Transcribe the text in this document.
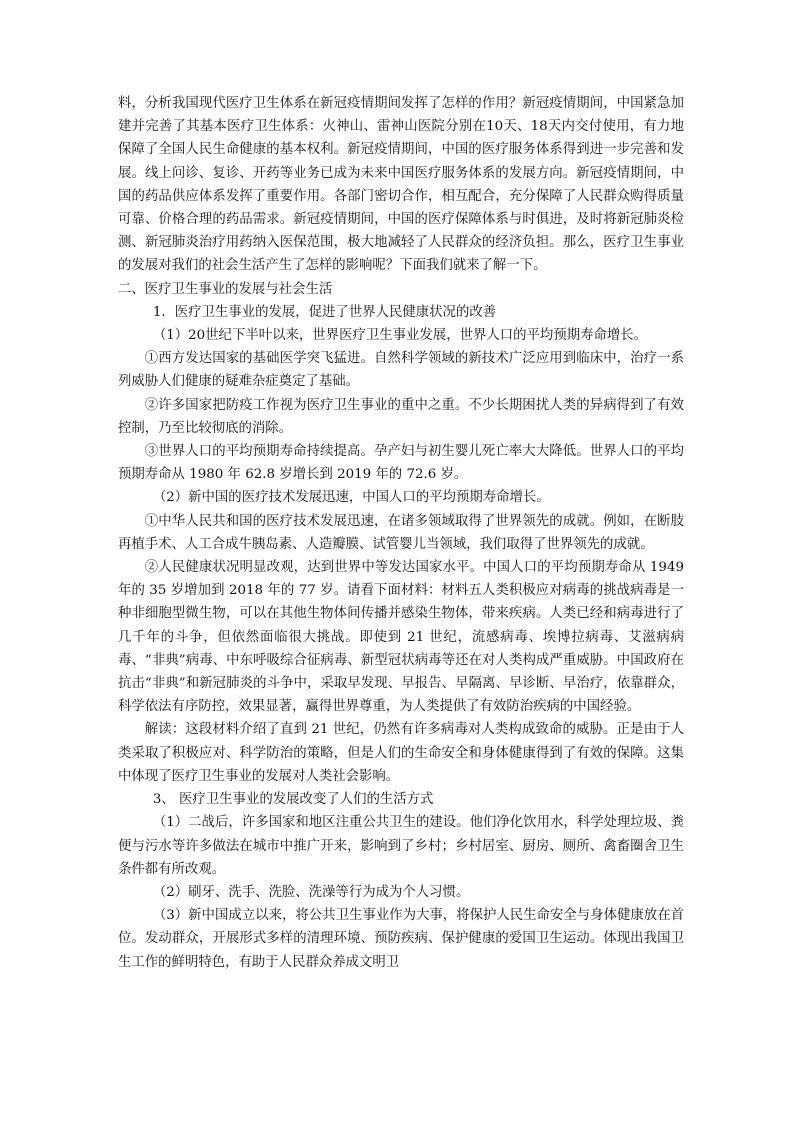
料，分析我国现代医疗卫生体系在新冠疫情期间发挥了怎样的作用？新冠疫情期间，中国紧急加建并完善了其基本医疗卫生体系：火神山、雷神山医院分别在10天、18天内交付使用，有力地保障了全国人民生命健康的基本权利。新冠疫情期间，中国的医疗服务体系得到进一步完善和发展。线上问诊、复诊、开药等业务已成为未来中国医疗服务体系的发展方向。新冠疫情期间，中国的药品供应体系发挥了重要作用。各部门密切合作，相互配合，充分保障了人民群众购得质量可靠、价格合理的药品需求。新冠疫情期间，中国的医疗保障体系与时俱进，及时将新冠肺炎检测、新冠肺炎治疗用药纳入医保范围，极大地减轻了人民群众的经济负担。那么，医疗卫生事业的发展对我们的社会生活产生了怎样的影响呢？下面我们就来了解一下。

二、医疗卫生事业的发展与社会生活

1．医疗卫生事业的发展，促进了世界人民健康状况的改善

（1）20世纪下半叶以来，世界医疗卫生事业发展，世界人口的平均预期寿命增长。

①西方发达国家的基础医学突飞猛进。自然科学领域的新技术广泛应用到临床中，治疗一系列威胁人们健康的疑难杂症奠定了基础。

②许多国家把防疫工作视为医疗卫生事业的重中之重。不少长期困扰人类的异病得到了有效控制，乃至比较彻底的消除。

③世界人口的平均预期寿命持续提高。孕产妇与初生婴儿死亡率大大降低。世界人口的平均预期寿命从 1980 年 62.8 岁增长到 2019 年的 72.6 岁。

（2）新中国的医疗技术发展迅速，中国人口的平均预期寿命增长。

①中华人民共和国的医疗技术发展迅速，在诸多领域取得了世界领先的成就。例如，在断肢再植手术、人工合成牛胰岛素、人造瓣膜、试管婴儿当领域，我们取得了世界领先的成就。

②人民健康状况明显改观，达到世界中等发达国家水平。中国人口的平均预期寿命从 1949 年的 35 岁增加到 2018 年的 77 岁。请看下面材料：材料五人类积极应对病毒的挑战病毒是一种非细胞型微生物，可以在其他生物体间传播并感染生物体，带来疾病。人类已经和病毒进行了几千年的斗争，但依然面临很大挑战。即使到 21 世纪，流感病毒、埃博拉病毒、艾滋病病毒、“非典”病毒、中东呼吸综合征病毒、新型冠状病毒等还在对人类构成严重威胁。中国政府在抗击“非典”和新冠肺炎的斗争中，采取早发现、早报告、早隔离、早诊断、早治疗，依靠群众，科学依法有序防控，效果显著，赢得世界尊重，为人类提供了有效防治疾病的中国经验。

解读：这段材料介绍了直到 21 世纪，仍然有许多病毒对人类构成致命的威胁。正是由于人类采取了积极应对、科学防治的策略，但是人们的生命安全和身体健康得到了有效的保障。这集中体现了医疗卫生事业的发展对人类社会影响。

3、 医疗卫生事业的发展改变了人们的生活方式

（1）二战后，许多国家和地区注重公共卫生的建设。他们净化饮用水，科学处理垃圾、粪便与污水等许多做法在城市中推广开来，影响到了乡村；乡村居室、厨房、厕所、禽畜圈舍卫生条件都有所改观。

（2）刷牙、洗手、洗脸、洗澡等行为成为个人习惯。

（3）新中国成立以来，将公共卫生事业作为大事，将保护人民生命安全与身体健康放在首位。发动群众，开展形式多样的清理环境、预防疾病、保护健康的爱国卫生运动。体现出我国卫生工作的鲜明特色，有助于人民群众养成文明卫
